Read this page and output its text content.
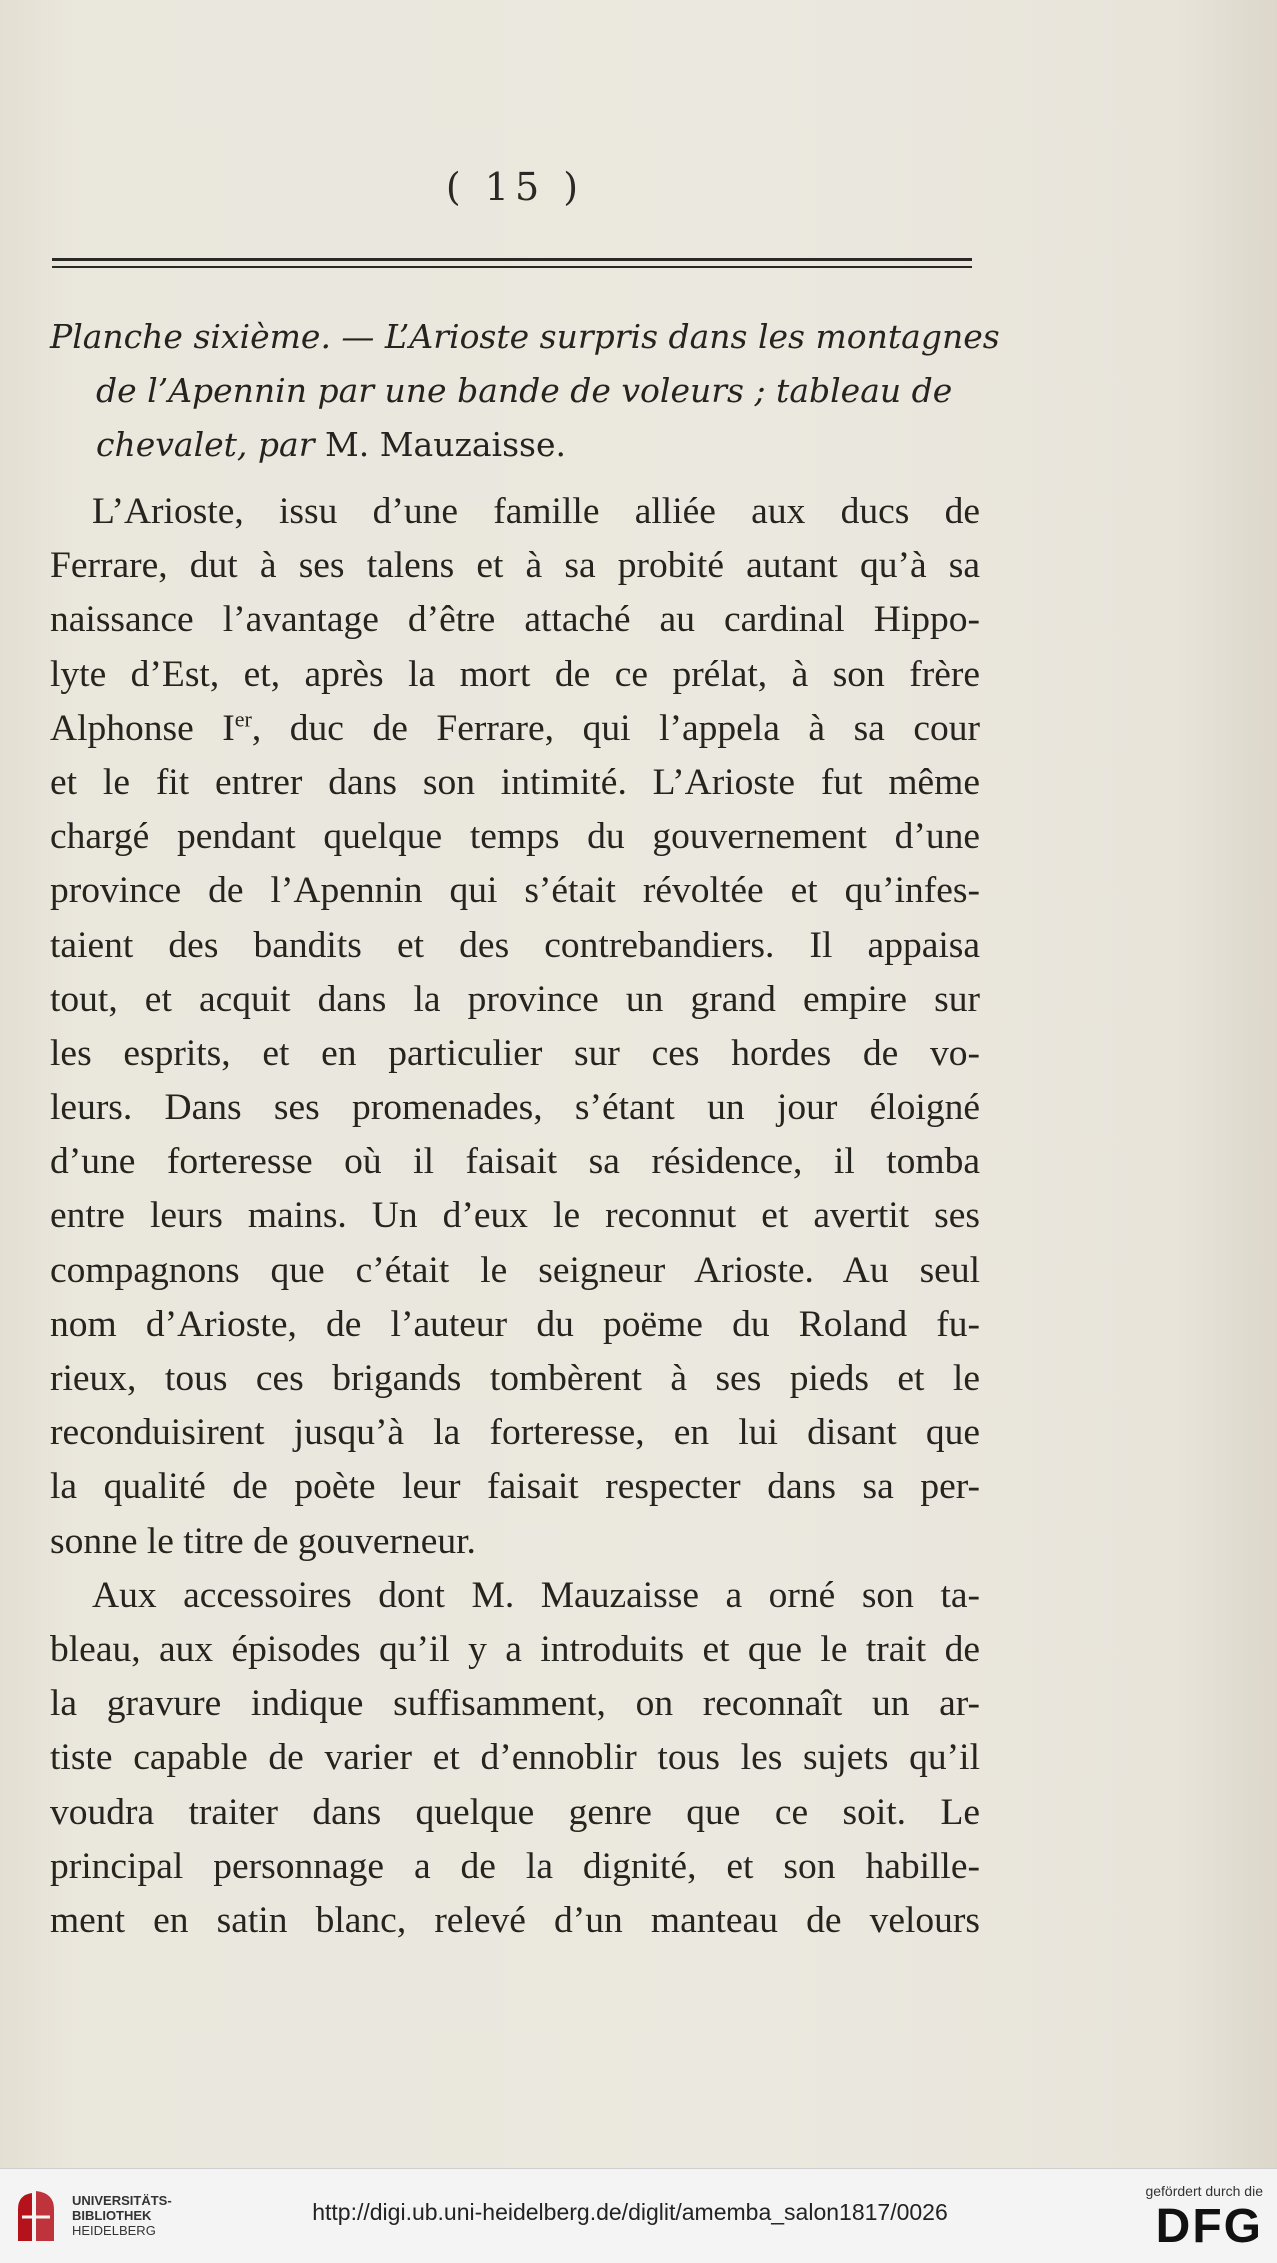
( 15 )
Planche sixième. — L’Arioste surpris dans les montagnes
de l’Apennin par une bande de voleurs ; tableau de
chevalet, par M. Mauzaisse.
L’Arioste, issu d’une famille alliée aux ducs de
Ferrare, dut à ses talens et à sa probité autant qu’à sa
naissance l’avantage d’être attaché au cardinal Hippo-
lyte d’Est, et, après la mort de ce prélat, à son frère
Alphonse Ier, duc de Ferrare, qui l’appela à sa cour
et le fit entrer dans son intimité. L’Arioste fut même
chargé pendant quelque temps du gouvernement d’une
province de l’Apennin qui s’était révoltée et qu’infes-
taient des bandits et des contrebandiers. Il appaisa
tout, et acquit dans la province un grand empire sur
les esprits, et en particulier sur ces hordes de vo-
leurs. Dans ses promenades, s’étant un jour éloigné
d’une forteresse où il faisait sa résidence, il tomba
entre leurs mains. Un d’eux le reconnut et avertit ses
compagnons que c’était le seigneur Arioste. Au seul
nom d’Arioste, de l’auteur du poëme du Roland fu-
rieux, tous ces brigands tombèrent à ses pieds et le
reconduisirent jusqu’à la forteresse, en lui disant que
la qualité de poète leur faisait respecter dans sa per-
sonne le titre de gouverneur.
Aux accessoires dont M. Mauzaisse a orné son ta-
bleau, aux épisodes qu’il y a introduits et que le trait de
la gravure indique suffisamment, on reconnaît un ar-
tiste capable de varier et d’ennoblir tous les sujets qu’il
voudra traiter dans quelque genre que ce soit. Le
principal personnage a de la dignité, et son habille-
ment en satin blanc, relevé d’un manteau de velours
UNIVERSITÄTS-
BIBLIOTHEK
HEIDELBERG
http://digi.ub.uni-heidelberg.de/diglit/amemba_salon1817/0026
gefördert durch die
DFG
